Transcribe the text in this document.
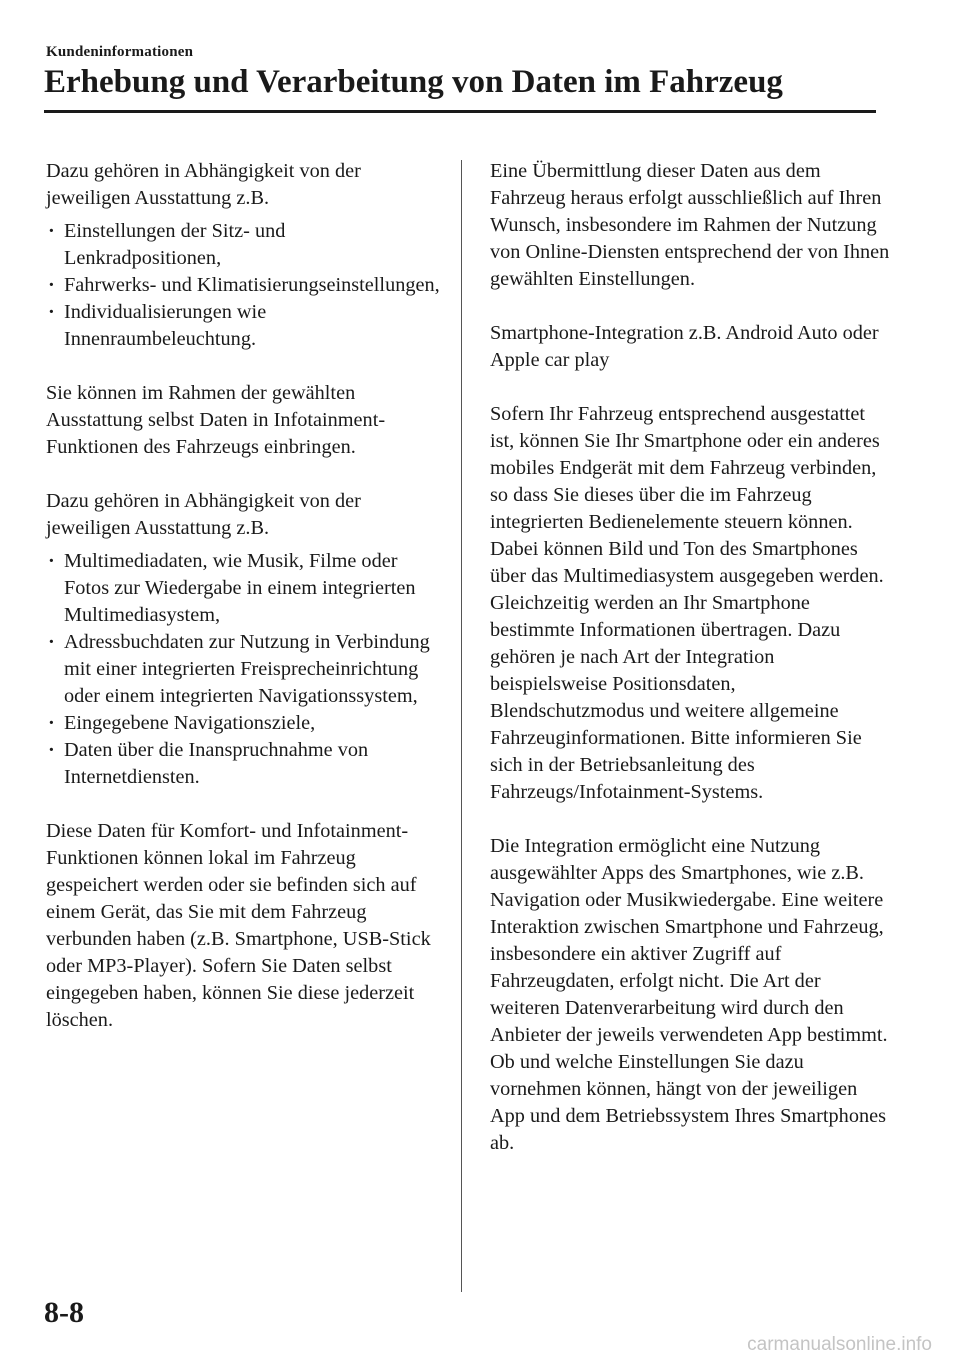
Kundeninformationen
Erhebung und Verarbeitung von Daten im Fahrzeug

Dazu gehören in Abhängigkeit von der jeweiligen Ausstattung z.B.

· Einstellungen der Sitz- und Lenkradpositionen,
· Fahrwerks- und Klimatisierungseinstellungen,
· Individualisierungen wie Innenraumbeleuchtung.

Sie können im Rahmen der gewählten Ausstattung selbst Daten in Infotainment-Funktionen des Fahrzeugs einbringen.

Dazu gehören in Abhängigkeit von der jeweiligen Ausstattung z.B.

· Multimediadaten, wie Musik, Filme oder Fotos zur Wiedergabe in einem integrierten Multimediasystem,
· Adressbuchdaten zur Nutzung in Verbindung mit einer integrierten Freisprecheinrichtung oder einem integrierten Navigationssystem,
· Eingegebene Navigationsziele,
· Daten über die Inanspruchnahme von Internetdiensten.

Diese Daten für Komfort- und Infotainment-Funktionen können lokal im Fahrzeug gespeichert werden oder sie befinden sich auf einem Gerät, das Sie mit dem Fahrzeug verbunden haben (z.B. Smartphone, USB-Stick oder MP3-Player). Sofern Sie Daten selbst eingegeben haben, können Sie diese jederzeit löschen.

Eine Übermittlung dieser Daten aus dem Fahrzeug heraus erfolgt ausschließlich auf Ihren Wunsch, insbesondere im Rahmen der Nutzung von Online-Diensten entsprechend der von Ihnen gewählten Einstellungen.

Smartphone-Integration z.B. Android Auto oder Apple car play

Sofern Ihr Fahrzeug entsprechend ausgestattet ist, können Sie Ihr Smartphone oder ein anderes mobiles Endgerät mit dem Fahrzeug verbinden, so dass Sie dieses über die im Fahrzeug integrierten Bedienelemente steuern können. Dabei können Bild und Ton des Smartphones über das Multimediasystem ausgegeben werden. Gleichzeitig werden an Ihr Smartphone bestimmte Informationen übertragen. Dazu gehören je nach Art der Integration beispielsweise Positionsdaten, Blendschutzmodus und weitere allgemeine Fahrzeuginformationen. Bitte informieren Sie sich in der Betriebsanleitung des Fahrzeugs/Infotainment-Systems.

Die Integration ermöglicht eine Nutzung ausgewählter Apps des Smartphones, wie z.B. Navigation oder Musikwiedergabe. Eine weitere Interaktion zwischen Smartphone und Fahrzeug, insbesondere ein aktiver Zugriff auf Fahrzeugdaten, erfolgt nicht. Die Art der weiteren Datenverarbeitung wird durch den Anbieter der jeweils verwendeten App bestimmt. Ob und welche Einstellungen Sie dazu vornehmen können, hängt von der jeweiligen App und dem Betriebssystem Ihres Smartphones ab.

8-8
carmanualsonline.info
